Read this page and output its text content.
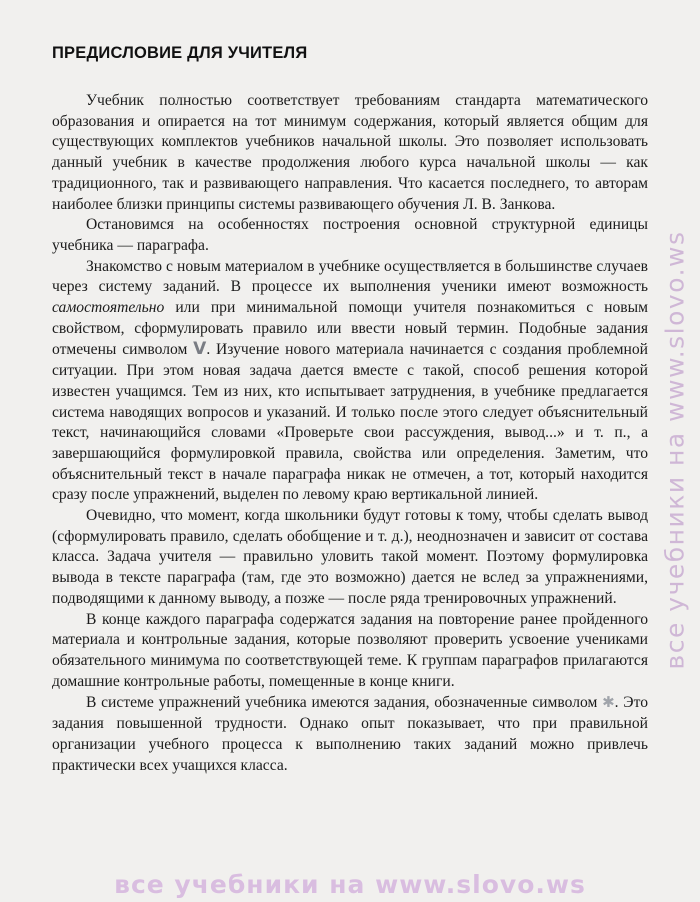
ПРЕДИСЛОВИЕ ДЛЯ УЧИТЕЛЯ

Учебник полностью соответствует требованиям стандарта математического образования и опирается на тот минимум содержания, который является общим для существующих комплектов учебников начальной школы. Это позволяет использовать данный учебник в качестве продолжения любого курса начальной школы — как традиционного, так и развивающего направления. Что касается последнего, то авторам наиболее близки принципы системы развивающего обучения Л. В. Занкова.

Остановимся на особенностях построения основной структурной единицы учебника — параграфа.

Знакомство с новым материалом в учебнике осуществляется в большинстве случаев через систему заданий. В процессе их выполнения ученики имеют возможность самостоятельно или при минимальной помощи учителя познакомиться с новым свойством, сформулировать правило или ввести новый термин. Подобные задания отмечены символом V. Изучение нового материала начинается с создания проблемной ситуации. При этом новая задача дается вместе с такой, способ решения которой известен учащимся. Тем из них, кто испытывает затруднения, в учебнике предлагается система наводящих вопросов и указаний. И только после этого следует объяснительный текст, начинающийся словами «Проверьте свои рассуждения, вывод...» и т. п., а завершающийся формулировкой правила, свойства или определения. Заметим, что объяснительный текст в начале параграфа никак не отмечен, а тот, который находится сразу после упражнений, выделен по левому краю вертикальной линией.

Очевидно, что момент, когда школьники будут готовы к тому, чтобы сделать вывод (сформулировать правило, сделать обобщение и т. д.), неоднозначен и зависит от состава класса. Задача учителя — правильно уловить такой момент. Поэтому формулировка вывода в тексте параграфа (там, где это возможно) дается не вслед за упражнениями, подводящими к данному выводу, а позже — после ряда тренировочных упражнений.

В конце каждого параграфа содержатся задания на повторение ранее пройденного материала и контрольные задания, которые позволяют проверить усвоение учениками обязательного минимума по соответствующей теме. К группам параграфов прилагаются домашние контрольные работы, помещенные в конце книги.

В системе упражнений учебника имеются задания, обозначенные символом ✱. Это задания повышенной трудности. Однако опыт показывает, что при правильной организации учебного процесса к выполнению таких заданий можно привлечь практически всех учащихся класса.

все учебники на www.slovo.ws
все учебники на www.slovo.ws
